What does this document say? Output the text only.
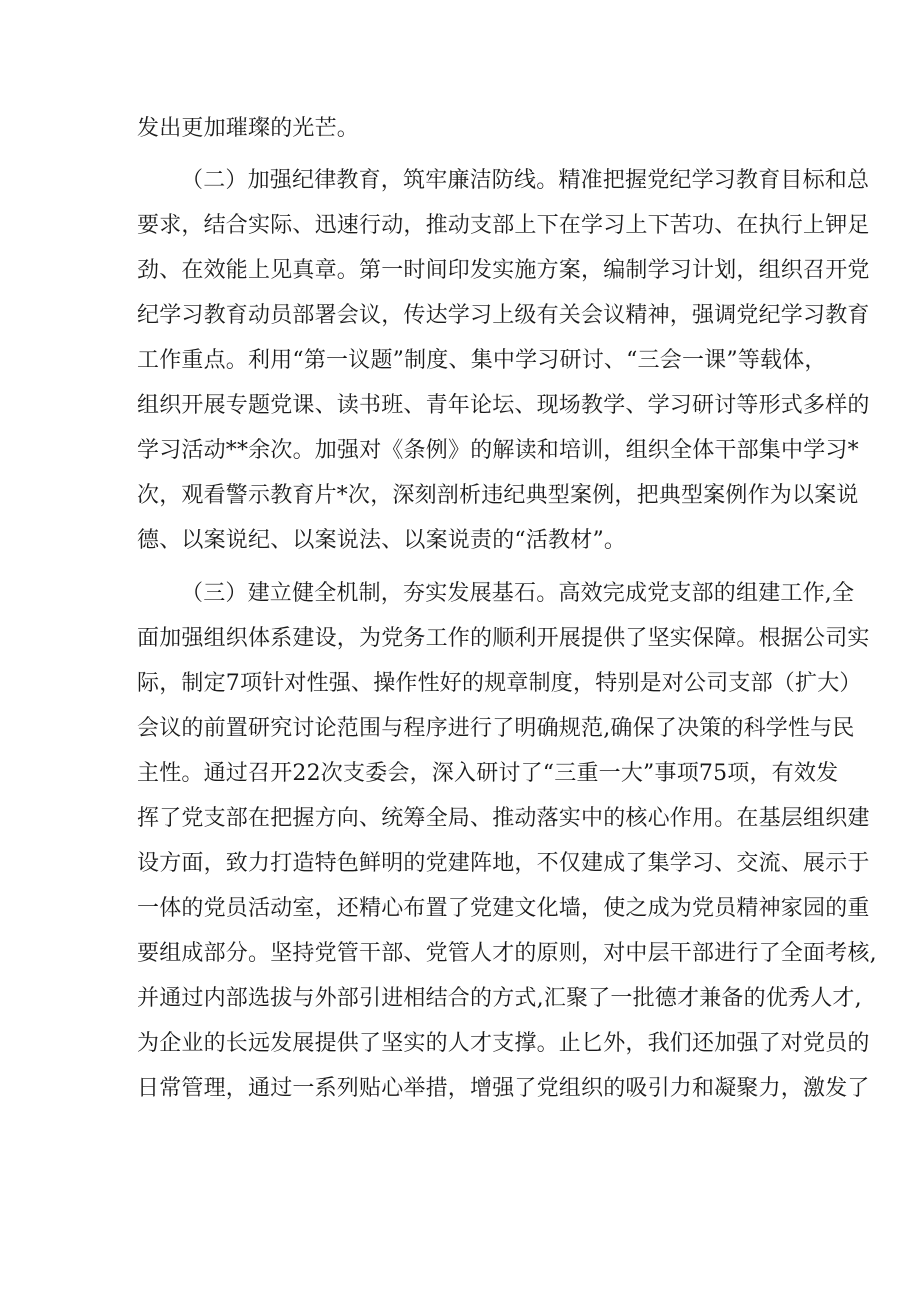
发出更加璀璨的光芒。
（二）加强纪律教育，筑牢廉洁防线。精准把握党纪学习教育目标和总
要求，结合实际、迅速行动，推动支部上下在学习上下苦功、在执行上钾足
劲、在效能上见真章。第一时间印发实施方案，编制学习计划，组织召开党
纪学习教育动员部署会议，传达学习上级有关会议精神，强调党纪学习教育
工作重点。利用“第一议题”制度、集中学习研讨、“三会一课”等载体，
组织开展专题党课、读书班、青年论坛、现场教学、学习研讨等形式多样的
学习活动**余次。加强对《条例》的解读和培训，组织全体干部集中学习*
次，观看警示教育片*次，深刻剖析违纪典型案例，把典型案例作为以案说
德、以案说纪、以案说法、以案说责的“活教材”。
（三）建立健全机制，夯实发展基石。高效完成党支部的组建工作,全
面加强组织体系建设，为党务工作的顺利开展提供了坚实保障。根据公司实
际，制定7项针对性强、操作性好的规章制度，特别是对公司支部（扩大）
会议的前置研究讨论范围与程序进行了明确规范,确保了决策的科学性与民
主性。通过召开22次支委会，深入研讨了“三重一大”事项75项，有效发
挥了党支部在把握方向、统筹全局、推动落实中的核心作用。在基层组织建
设方面，致力打造特色鲜明的党建阵地，不仅建成了集学习、交流、展示于
一体的党员活动室，还精心布置了党建文化墙，使之成为党员精神家园的重
要组成部分。坚持党管干部、党管人才的原则，对中层干部进行了全面考核,
并通过内部选拔与外部引进相结合的方式,汇聚了一批德才兼备的优秀人才,
为企业的长远发展提供了坚实的人才支撑。止匕外，我们还加强了对党员的
日常管理，通过一系列贴心举措，增强了党组织的吸引力和凝聚力，激发了
